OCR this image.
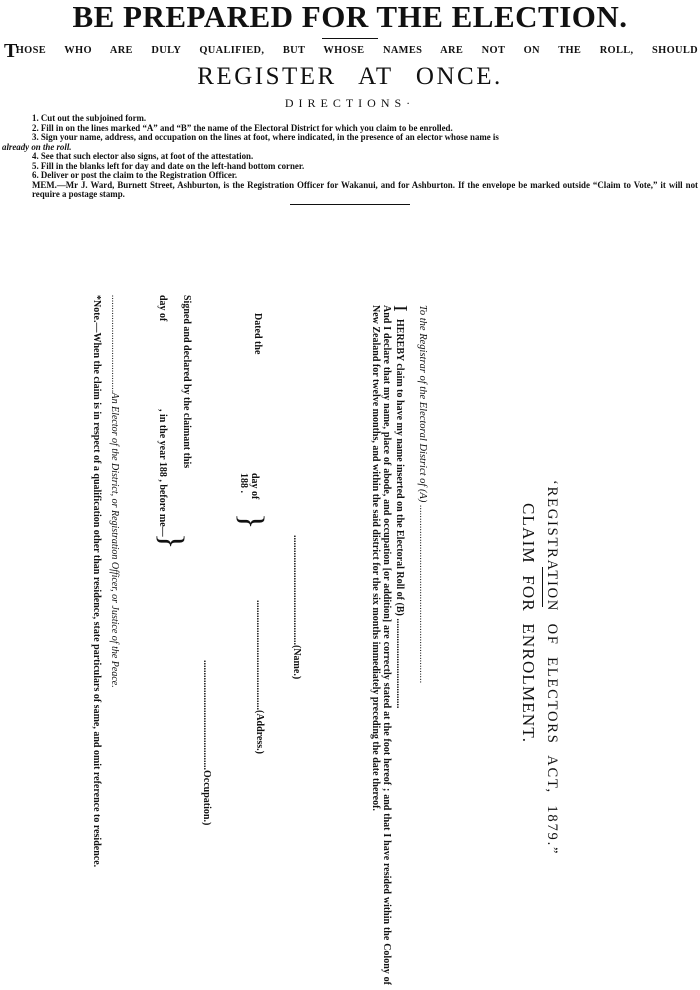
BE PREPARED FOR THE ELECTION.
THOSE WHO ARE DULY QUALIFIED, BUT WHOSE NAMES ARE NOT ON THE ROLL, SHOULD
REGISTER AT ONCE.
DIRECTIONS·
1. Cut out the subjoined form.
2. Fill in on the lines marked “A” and “B” the name of the Electoral District for which you claim to be enrolled.
3. Sign your name, address, and occupation on the lines at foot, where indicated, in the presence of an elector whose name is
already on the roll.
4. See that such elector also signs, at foot of the attestation.
5. Fill in the blanks left for day and date on the left-hand bottom corner.
6. Deliver or post the claim to the Registration Officer.
MEM.—Mr J. Ward, Burnett Street, Ashburton, is the Registration Officer for Wakanui, and for Ashburton. If the envelope be marked outside “Claim to Vote,” it will not require a postage stamp.
‘REGISTRATION OF ELECTORS ACT, 1879.”
CLAIM FOR ENROLMENT.
To the Registrar of the Electoral District of (A) ....................................................................
I
HEREBY claim to have my name inserted on the Electoral Roll of (B) ....................................
And I declare that my name, place of abode, and occupation [or addition] are correctly stated at the foot hereof ; and that I have resided within the Colony of New Zealand for twelve months, and within the said district for the six months immediately preceding the date thereof.
Dated the
day of
188 .
}
............................................(Name.)
............................................(Address.)
............................................Occupation.)
Signed and declared by the claimant this
day of
, in the year 188 , before me—
}
.......................................An Elector of the District, or Registration Officer, or Justice of the Peace.
*Note.—When the claim is in respect of a qualification other than residence, state particulars of same, and omit reference to residence.
